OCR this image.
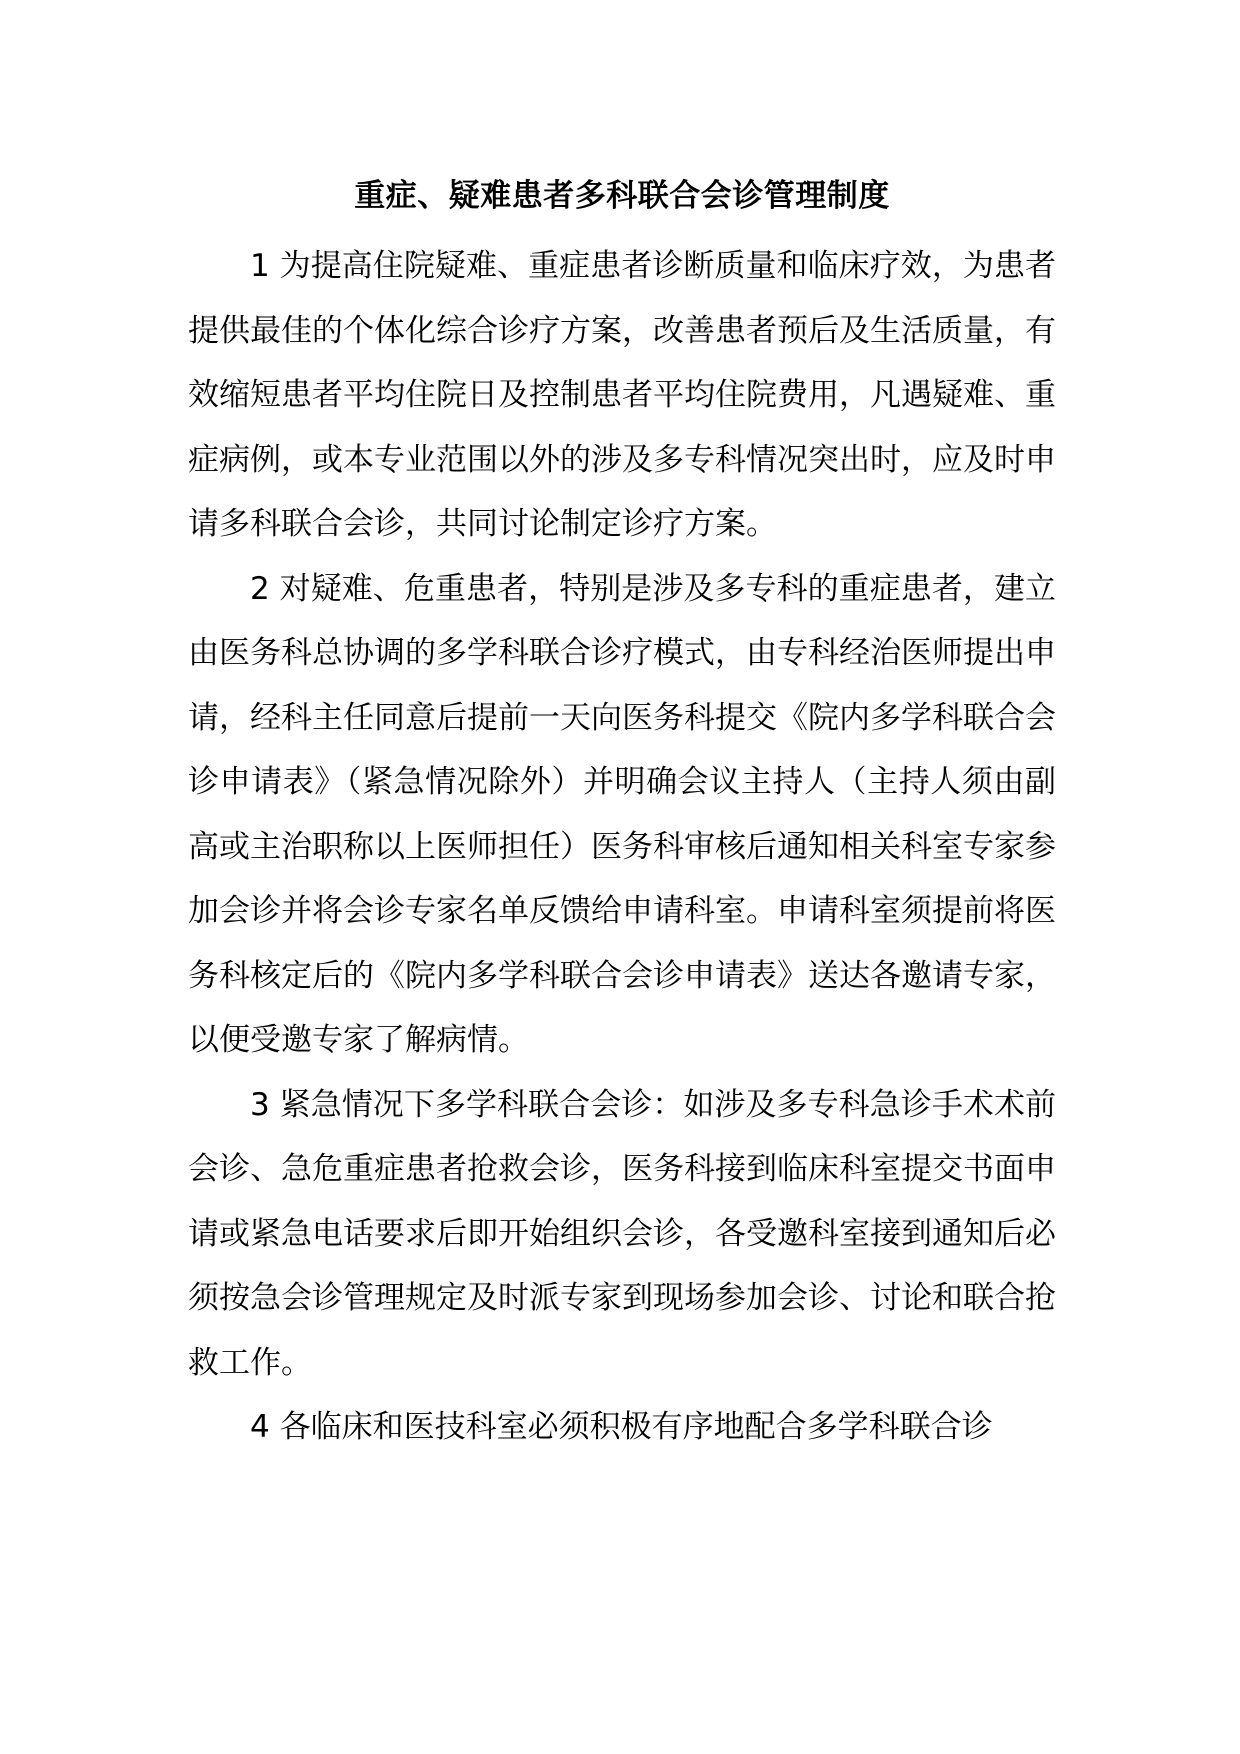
重症、疑难患者多科联合会诊管理制度

1 为提高住院疑难、重症患者诊断质量和临床疗效，为患者提供最佳的个体化综合诊疗方案，改善患者预后及生活质量，有效缩短患者平均住院日及控制患者平均住院费用，凡遇疑难、重症病例，或本专业范围以外的涉及多专科情况突出时，应及时申请多科联合会诊，共同讨论制定诊疗方案。

2 对疑难、危重患者，特别是涉及多专科的重症患者，建立由医务科总协调的多学科联合诊疗模式，由专科经治医师提出申请，经科主任同意后提前一天向医务科提交《院内多学科联合会诊申请表》（紧急情况除外）并明确会议主持人（主持人须由副高或主治职称以上医师担任）医务科审核后通知相关科室专家参加会诊并将会诊专家名单反馈给申请科室。申请科室须提前将医务科核定后的《院内多学科联合会诊申请表》送达各邀请专家，以便受邀专家了解病情。

3 紧急情况下多学科联合会诊：如涉及多专科急诊手术术前会诊、急危重症患者抢救会诊，医务科接到临床科室提交书面申请或紧急电话要求后即开始组织会诊，各受邀科室接到通知后必须按急会诊管理规定及时派专家到现场参加会诊、讨论和联合抢救工作。

4 各临床和医技科室必须积极有序地配合多学科联合诊
